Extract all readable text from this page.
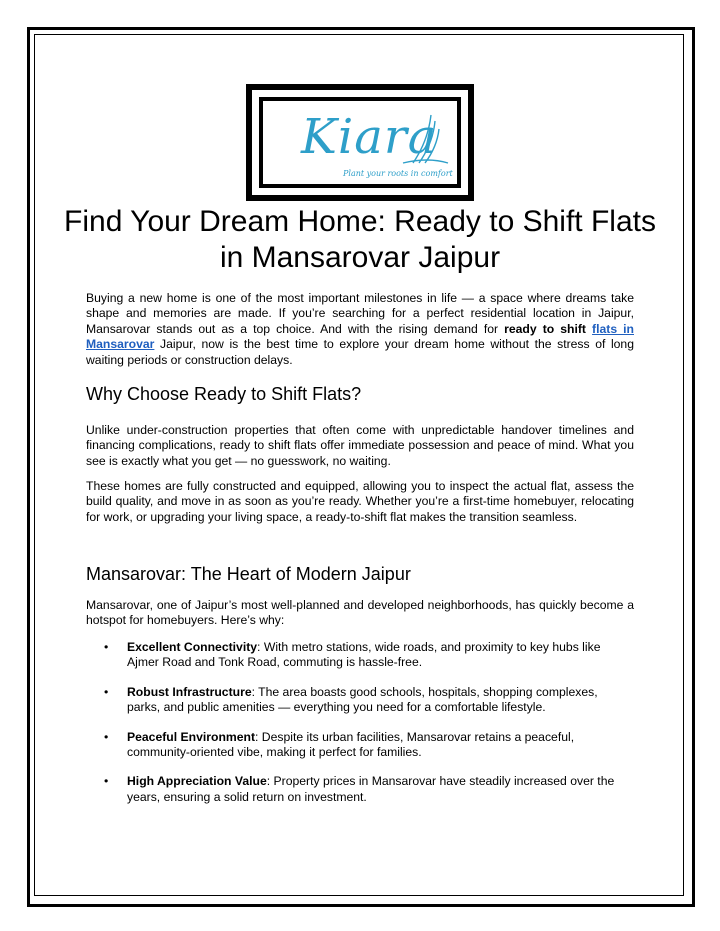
Kiara
Plant your roots in comfort
Find Your Dream Home: Ready to Shift Flats in Mansarovar Jaipur

Buying a new home is one of the most important milestones in life — a space where dreams take shape and memories are made. If you’re searching for a perfect residential location in Jaipur, Mansarovar stands out as a top choice. And with the rising demand for ready to shift flats in Mansarovar Jaipur, now is the best time to explore your dream home without the stress of long waiting periods or construction delays.

Why Choose Ready to Shift Flats?

Unlike under-construction properties that often come with unpredictable handover timelines and financing complications, ready to shift flats offer immediate possession and peace of mind. What you see is exactly what you get — no guesswork, no waiting.

These homes are fully constructed and equipped, allowing you to inspect the actual flat, assess the build quality, and move in as soon as you’re ready. Whether you’re a first-time homebuyer, relocating for work, or upgrading your living space, a ready-to-shift flat makes the transition seamless.

Mansarovar: The Heart of Modern Jaipur

Mansarovar, one of Jaipur’s most well-planned and developed neighborhoods, has quickly become a hotspot for homebuyers. Here’s why:

• Excellent Connectivity: With metro stations, wide roads, and proximity to key hubs like Ajmer Road and Tonk Road, commuting is hassle-free.
• Robust Infrastructure: The area boasts good schools, hospitals, shopping complexes, parks, and public amenities — everything you need for a comfortable lifestyle.
• Peaceful Environment: Despite its urban facilities, Mansarovar retains a peaceful, community-oriented vibe, making it perfect for families.
• High Appreciation Value: Property prices in Mansarovar have steadily increased over the years, ensuring a solid return on investment.
